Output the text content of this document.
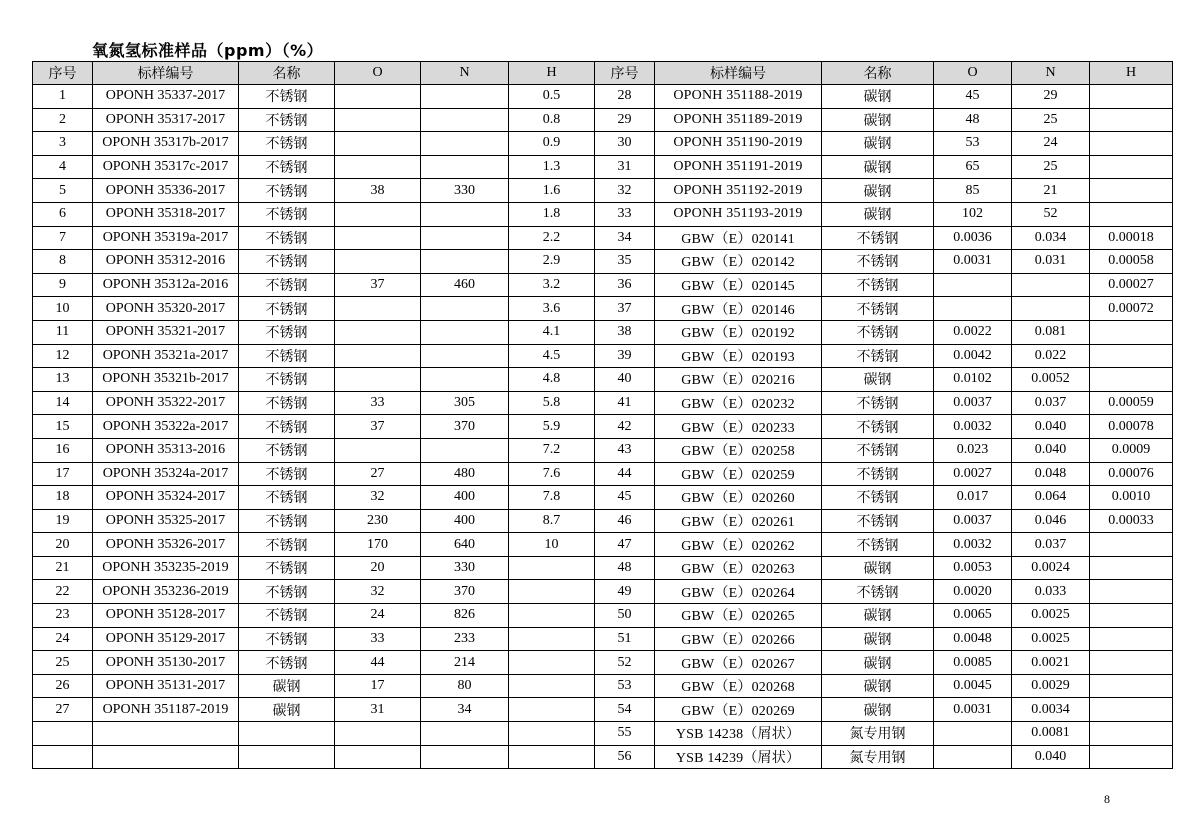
氧氮氢标准样品（ppm）（%）
序号	标样编号	名称	O	N	H	序号	标样编号	名称	O	N	H
1	OPONH 35337-2017	不锈钢			0.5	28	OPONH 351188-2019	碳钢	45	29	
2	OPONH 35317-2017	不锈钢			0.8	29	OPONH 351189-2019	碳钢	48	25	
3	OPONH 35317b-2017	不锈钢			0.9	30	OPONH 351190-2019	碳钢	53	24	
4	OPONH 35317c-2017	不锈钢			1.3	31	OPONH 351191-2019	碳钢	65	25	
5	OPONH 35336-2017	不锈钢	38	330	1.6	32	OPONH 351192-2019	碳钢	85	21	
6	OPONH 35318-2017	不锈钢			1.8	33	OPONH 351193-2019	碳钢	102	52	
7	OPONH 35319a-2017	不锈钢			2.2	34	GBW（E）020141	不锈钢	0.0036	0.034	0.00018
8	OPONH 35312-2016	不锈钢			2.9	35	GBW（E）020142	不锈钢	0.0031	0.031	0.00058
9	OPONH 35312a-2016	不锈钢	37	460	3.2	36	GBW（E）020145	不锈钢			0.00027
10	OPONH 35320-2017	不锈钢			3.6	37	GBW（E）020146	不锈钢			0.00072
11	OPONH 35321-2017	不锈钢			4.1	38	GBW（E）020192	不锈钢	0.0022	0.081	
12	OPONH 35321a-2017	不锈钢			4.5	39	GBW（E）020193	不锈钢	0.0042	0.022	
13	OPONH 35321b-2017	不锈钢			4.8	40	GBW（E）020216	碳钢	0.0102	0.0052	
14	OPONH 35322-2017	不锈钢	33	305	5.8	41	GBW（E）020232	不锈钢	0.0037	0.037	0.00059
15	OPONH 35322a-2017	不锈钢	37	370	5.9	42	GBW（E）020233	不锈钢	0.0032	0.040	0.00078
16	OPONH 35313-2016	不锈钢			7.2	43	GBW（E）020258	不锈钢	0.023	0.040	0.0009
17	OPONH 35324a-2017	不锈钢	27	480	7.6	44	GBW（E）020259	不锈钢	0.0027	0.048	0.00076
18	OPONH 35324-2017	不锈钢	32	400	7.8	45	GBW（E）020260	不锈钢	0.017	0.064	0.0010
19	OPONH 35325-2017	不锈钢	230	400	8.7	46	GBW（E）020261	不锈钢	0.0037	0.046	0.00033
20	OPONH 35326-2017	不锈钢	170	640	10	47	GBW（E）020262	不锈钢	0.0032	0.037	
21	OPONH 353235-2019	不锈钢	20	330		48	GBW（E）020263	碳钢	0.0053	0.0024	
22	OPONH 353236-2019	不锈钢	32	370		49	GBW（E）020264	不锈钢	0.0020	0.033	
23	OPONH 35128-2017	不锈钢	24	826		50	GBW（E）020265	碳钢	0.0065	0.0025	
24	OPONH 35129-2017	不锈钢	33	233		51	GBW（E）020266	碳钢	0.0048	0.0025	
25	OPONH 35130-2017	不锈钢	44	214		52	GBW（E）020267	碳钢	0.0085	0.0021	
26	OPONH 35131-2017	碳钢	17	80		53	GBW（E）020268	碳钢	0.0045	0.0029	
27	OPONH 351187-2019	碳钢	31	34		54	GBW（E）020269	碳钢	0.0031	0.0034	
						55	YSB 14238（屑状）	氮专用钢		0.0081	
						56	YSB 14239（屑状）	氮专用钢		0.040	
8
